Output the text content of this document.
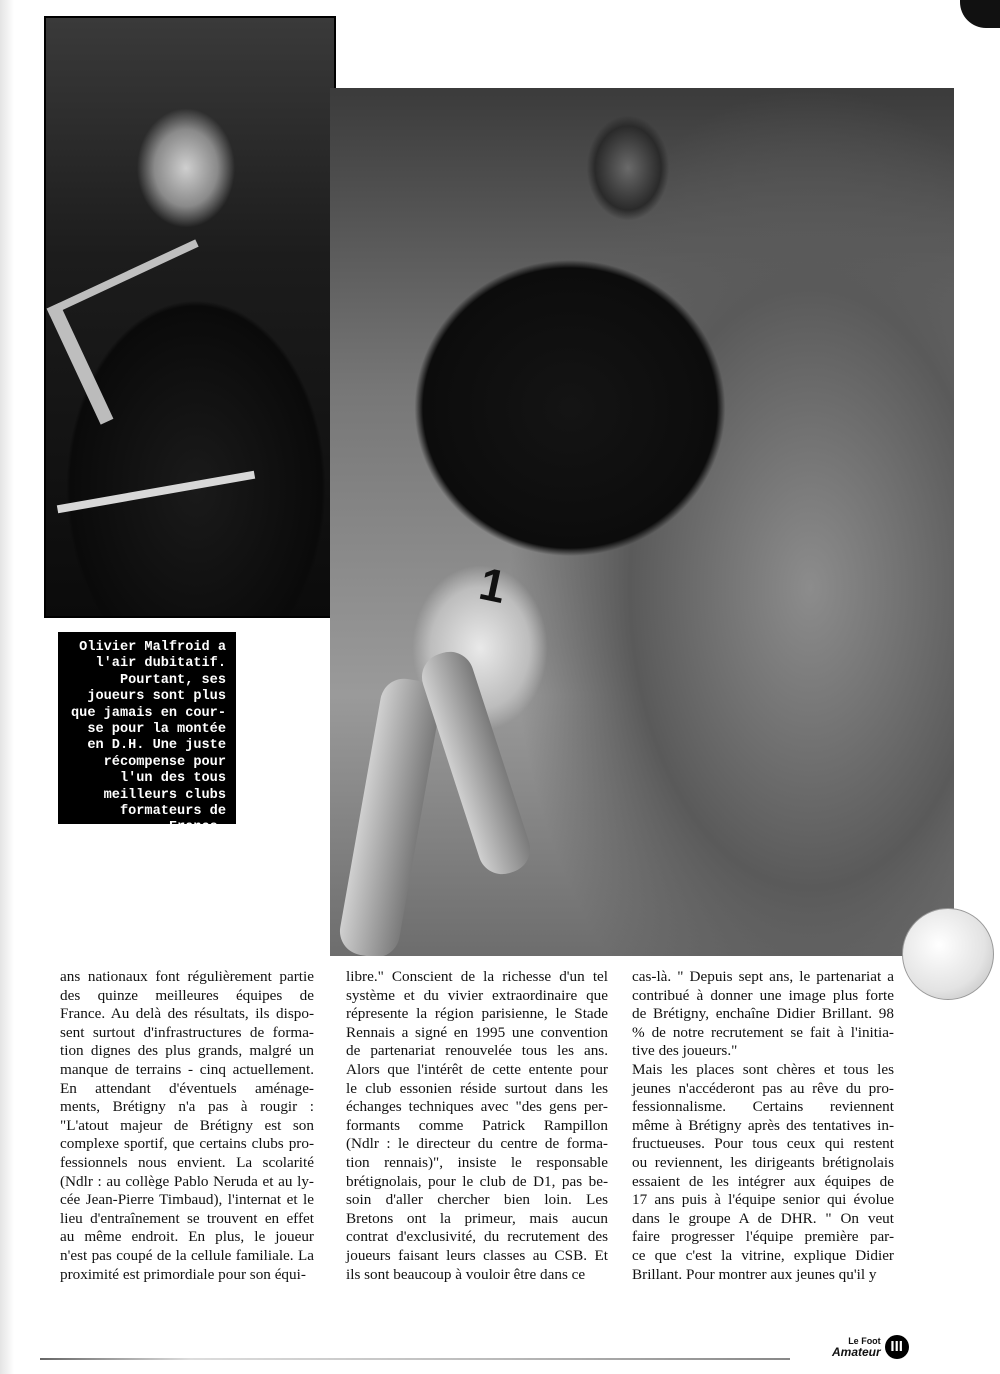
1
Olivier Malfroid a
l'air dubitatif.
Pourtant, ses
joueurs sont plus
que jamais en cour-
se pour la montée
en D.H. Une juste
récompense pour
l'un des tous
meilleurs clubs
formateurs de
France.
ans nationaux font régulièrement partie
des quinze meilleures équipes de
France. Au delà des résultats, ils dispo-
sent surtout d'infrastructures de forma-
tion dignes des plus grands, malgré un
manque de terrains - cinq actuellement.
En attendant d'éventuels aménage-
ments, Brétigny n'a pas à rougir :
"L'atout majeur de Brétigny est son
complexe sportif, que certains clubs pro-
fessionnels nous envient. La scolarité
(Ndlr : au collège Pablo Neruda et au ly-
cée Jean-Pierre Timbaud), l'internat et le
lieu d'entraînement se trouvent en effet
au même endroit. En plus, le joueur
n'est pas coupé de la cellule familiale. La
proximité est primordiale pour son équi-
libre." Conscient de la richesse d'un tel
système et du vivier extraordinaire que
répresente la région parisienne, le Stade
Rennais a signé en 1995 une convention
de partenariat renouvelée tous les ans.
Alors que l'intérêt de cette entente pour
le club essonien réside surtout dans les
échanges techniques avec "des gens per-
formants comme Patrick Rampillon
(Ndlr : le directeur du centre de forma-
tion rennais)", insiste le responsable
brétignolais, pour le club de D1, pas be-
soin d'aller chercher bien loin. Les
Bretons ont la primeur, mais aucun
contrat d'exclusivité, du recrutement des
joueurs faisant leurs classes au CSB. Et
ils sont beaucoup à vouloir être dans ce
cas-là. " Depuis sept ans, le partenariat a
contribué à donner une image plus forte
de Brétigny, enchaîne Didier Brillant. 98
% de notre recrutement se fait à l'initia-
tive des joueurs."
Mais les places sont chères et tous les
jeunes n'accéderont pas au rêve du pro-
fessionnalisme. Certains reviennent
même à Brétigny après des tentatives in-
fructueuses. Pour tous ceux qui restent
ou reviennent, les dirigeants brétignolais
essaient de les intégrer aux équipes de
17 ans puis à l'équipe senior qui évolue
dans le groupe A de DHR. " On veut
faire progresser l'équipe première par-
ce que c'est la vitrine, explique Didier
Brillant. Pour montrer aux jeunes qu'il y
Le Foot
Amateur III
